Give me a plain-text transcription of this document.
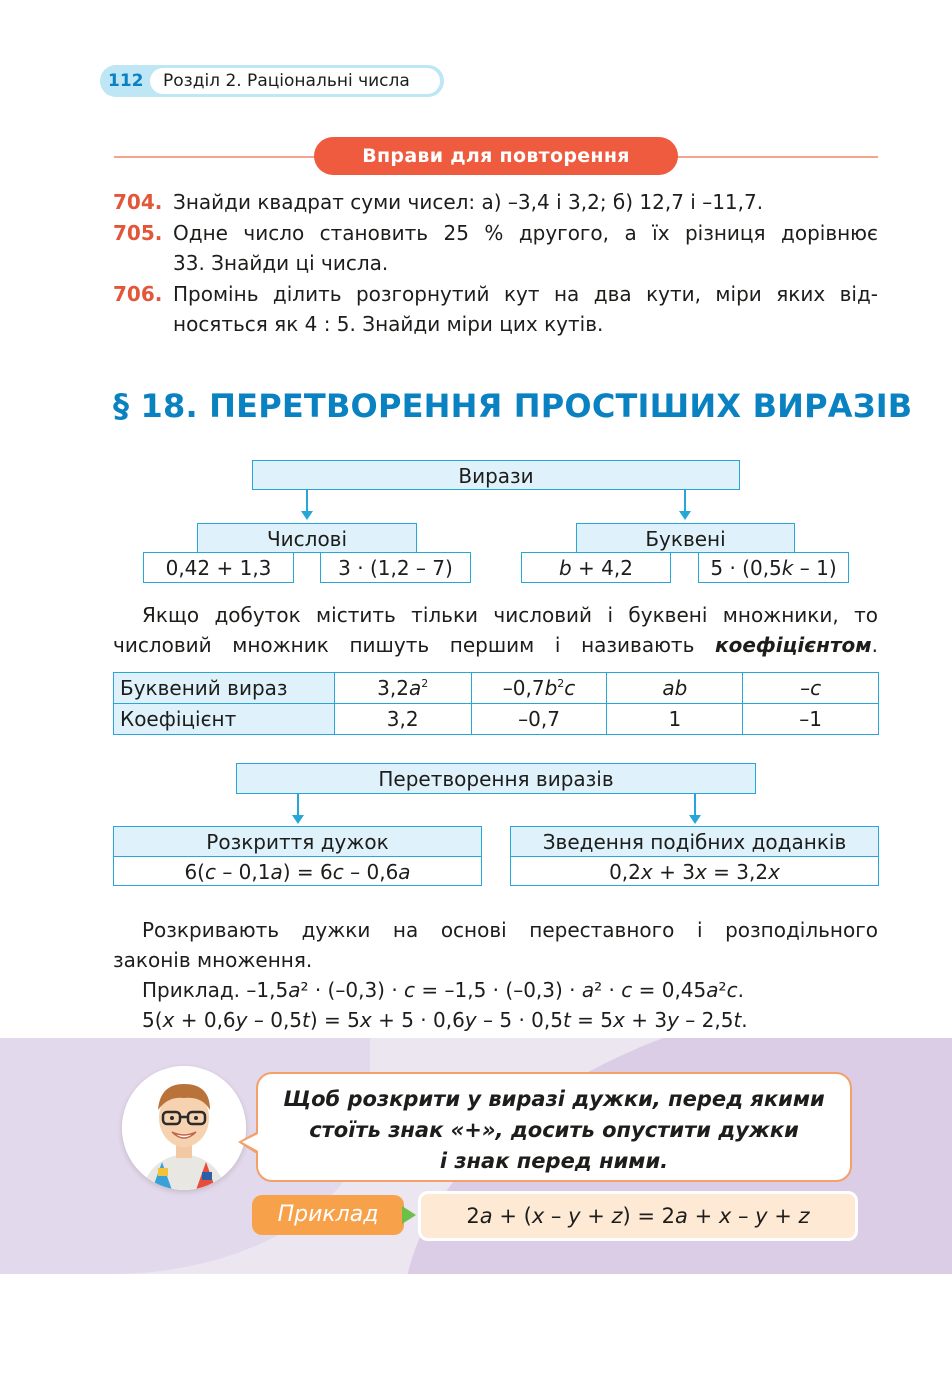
112 Розділ 2. Раціональні числа
Вправи для повторення
704. Знайди квадрат суми чисел: а) –3,4 і 3,2; б) 12,7 і –11,7.
705. Одне число становить 25 % другого, а їх різниця дорівнює
33. Знайди ці числа.
706. Промінь ділить розгорнутий кут на два кути, міри яких від-
носяться як 4 : 5. Знайди міри цих кутів.
§ 18. ПЕРЕТВОРЕННЯ ПРОСТІШИХ ВИРАЗІВ
Вирази
Числові
0,42 + 1,3	3 · (1,2 – 7)
Буквені
b + 4,2	5 · (0,5k – 1)
Якщо добуток містить тільки числовий і буквені множники, то
числовий множник пишуть першим і називають коефіцієнтом.
Буквений вираз	$3,2a^2$	$-0,7b^2c$	ab	–c
Коефіцієнт	3,2	–0,7	1	–1
Перетворення виразів
Розкриття дужок
6(c – 0,1a) = 6c – 0,6a
Зведення подібних доданків
0,2x + 3x = 3,2x
Розкривають дужки на основі переставного і розподільного
законів множення.
Приклад. –1,5a² · (–0,3) · c = –1,5 · (–0,3) · a² · c = 0,45a²c.
5(x + 0,6y – 0,5t) = 5x + 5 · 0,6y – 5 · 0,5t = 5x + 3y – 2,5t.
Щоб розкрити у виразі дужки, перед якими
стоїть знак «+», досить опустити дужки
і знак перед ними.
Приклад	2a + (x – y + z) = 2a + x – y + z
